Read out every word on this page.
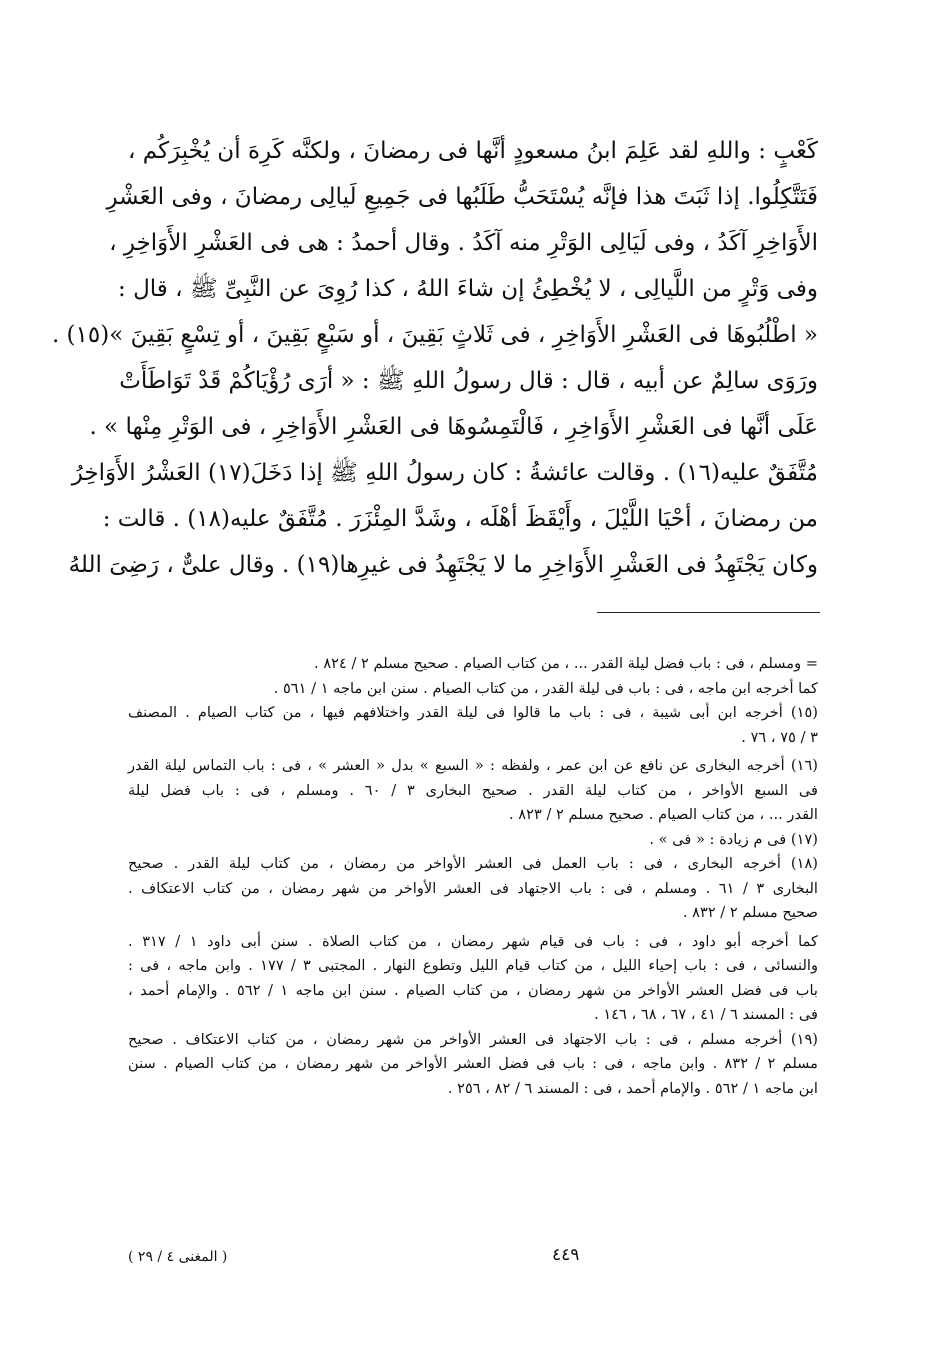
كَعْبٍ : واللهِ لقد عَلِمَ ابنُ مسعودٍ أنَّها فى رمضانَ ، ولكنَّه كَرِهَ أن يُخْبِرَكُم ،
فَتَتَّكِلُوا. إذا ثَبَتَ هذا فإنَّه يُسْتَحَبُّ طَلَبُها فى جَمِيعِ لَيالِى رمضانَ ، وفى العَشْرِ
الأَوَاخِرِ آكَدُ ، وفى لَيَالِى الوَتْرِ منه آكَدُ . وقال أحمدُ : هى فى العَشْرِ الأَوَاخِرِ ،
وفى وَتْرٍ من اللَّيالِى ، لا يُخْطِئُ إن شاءَ اللهُ ، كذا رُوِىَ عن النَّبِىِّ ﷺ ، قال :
« اطْلُبُوهَا فى العَشْرِ الأَوَاخِرِ ، فى ثَلاثٍ بَقِينَ ، أو سَبْعٍ بَقِينَ ، أو تِسْعٍ بَقِينَ »(١٥) .
ورَوَى سالِمٌ عن أبيه ، قال : قال رسولُ اللهِ ﷺ : « أرَى رُؤْيَاكُمْ قَدْ تَوَاطَأَتْ
عَلَى أنَّها فى العَشْرِ الأَوَاخِرِ ، فَالْتَمِسُوهَا فى العَشْرِ الأَوَاخِرِ ، فى الوَتْرِ مِنْها » .
مُتَّفَقٌ عليه(١٦) . وقالت عائشةُ : كان رسولُ اللهِ ﷺ إذا دَخَلَ(١٧) العَشْرُ الأَوَاخِرُ
من رمضانَ ، أحْيَا اللَّيْلَ ، وأَيْقَظَ أهْلَه ، وشَدَّ المِئْزَرَ . مُتَّفَقٌ عليه(١٨) . قالت :
وكان يَجْتَهِدُ فى العَشْرِ الأَوَاخِرِ ما لا يَجْتَهِدُ فى غيرِها(١٩) . وقال علىٌّ ، رَضِىَ اللهُ
= ومسلم ، فى : باب فضل ليلة القدر ... ، من كتاب الصيام . صحيح مسلم ٢ / ٨٢٤ .
كما أخرجه ابن ماجه ، فى : باب فى ليلة القدر ، من كتاب الصيام . سنن ابن ماجه ١ / ٥٦١ .
(١٥) أخرجه ابن أبى شيبة ، فى : باب ما قالوا فى ليلة القدر واختلافهم فيها ، من كتاب الصيام . المصنف
٣ / ٧٥ ، ٧٦ .
(١٦) أخرجه البخارى عن نافع عن ابن عمر ، ولفظه : « السبع » بدل « العشر » ، فى : باب التماس ليلة القدر
فى السبع الأواخر ، من كتاب ليلة القدر . صحيح البخارى ٣ / ٦٠ . ومسلم ، فى : باب فضل ليلة
القدر ... ، من كتاب الصيام . صحيح مسلم ٢ / ٨٢٣ .
(١٧) فى م زيادة : « فى » .
(١٨) أخرجه البخارى ، فى : باب العمل فى العشر الأواخر من رمضان ، من كتاب ليلة القدر . صحيح
البخارى ٣ / ٦١ . ومسلم ، فى : باب الاجتهاد فى العشر الأواخر من شهر رمضان ، من كتاب الاعتكاف .
صحيح مسلم ٢ / ٨٣٢ .
كما أخرجه أبو داود ، فى : باب فى قيام شهر رمضان ، من كتاب الصلاة . سنن أبى داود ١ / ٣١٧ .
والنسائى ، فى : باب إحياء الليل ، من كتاب قيام الليل وتطوع النهار . المجتبى ٣ / ١٧٧ . وابن ماجه ، فى :
باب فى فضل العشر الأواخر من شهر رمضان ، من كتاب الصيام . سنن ابن ماجه ١ / ٥٦٢ . والإمام أحمد ،
فى : المسند ٦ / ٤١ ، ٦٧ ، ٦٨ ، ١٤٦ .
(١٩) أخرجه مسلم ، فى : باب الاجتهاد فى العشر الأواخر من شهر رمضان ، من كتاب الاعتكاف . صحيح
مسلم ٢ / ٨٣٢ . وابن ماجه ، فى : باب فى فضل العشر الأواخر من شهر رمضان ، من كتاب الصيام . سنن
ابن ماجه ١ / ٥٦٢ . والإمام أحمد ، فى : المسند ٦ / ٨٢ ، ٢٥٦ .
٤٤٩
( المغنى ٤ / ٢٩ )
